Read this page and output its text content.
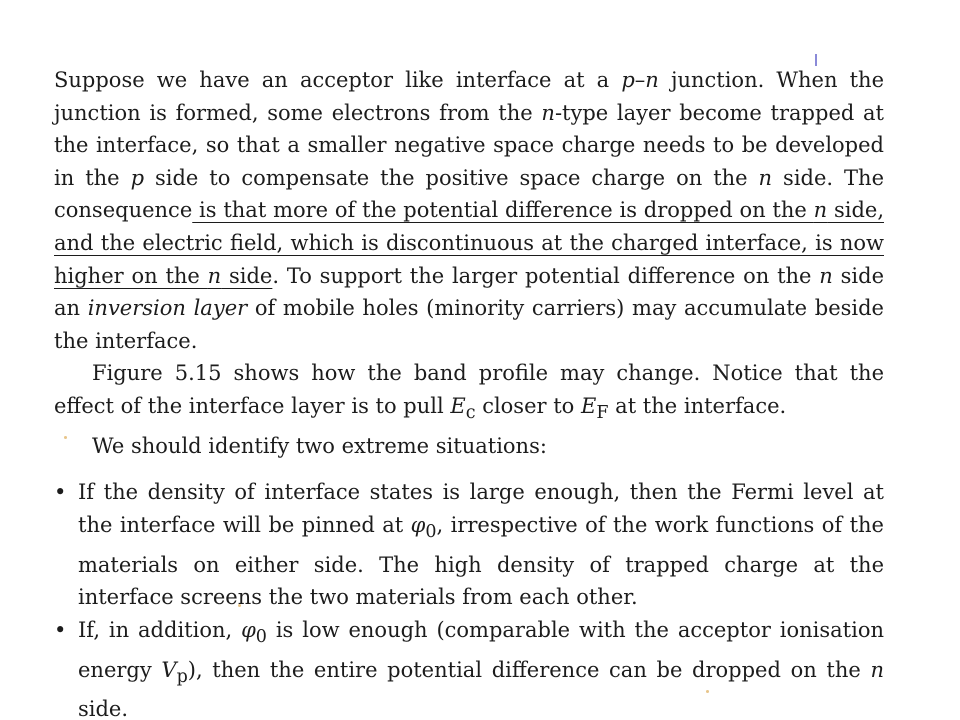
Suppose we have an acceptor like interface at a p–n junction. When the junction is formed, some electrons from the n-type layer become trapped at the interface, so that a smaller negative space charge needs to be developed in the p side to compensate the positive space charge on the n side. The consequence is that more of the potential difference is dropped on the n side, and the electric field, which is discontinuous at the charged interface, is now higher on the n side. To support the larger potential difference on the n side an inversion layer of mobile holes (minority carriers) may accumulate beside the interface.

Figure 5.15 shows how the band profile may change. Notice that the effect of the interface layer is to pull $E_c$ closer to $E_F$ at the interface.

We should identify two extreme situations:

• If the density of interface states is large enough, then the Fermi level at the interface will be pinned at $\varphi_0$, irrespective of the work functions of the materials on either side. The high density of trapped charge at the interface screens the two materials from each other.
• If, in addition, $\varphi_0$ is low enough (comparable with the acceptor ionisation energy $V_p$), then the entire potential difference can be dropped on the n side.
